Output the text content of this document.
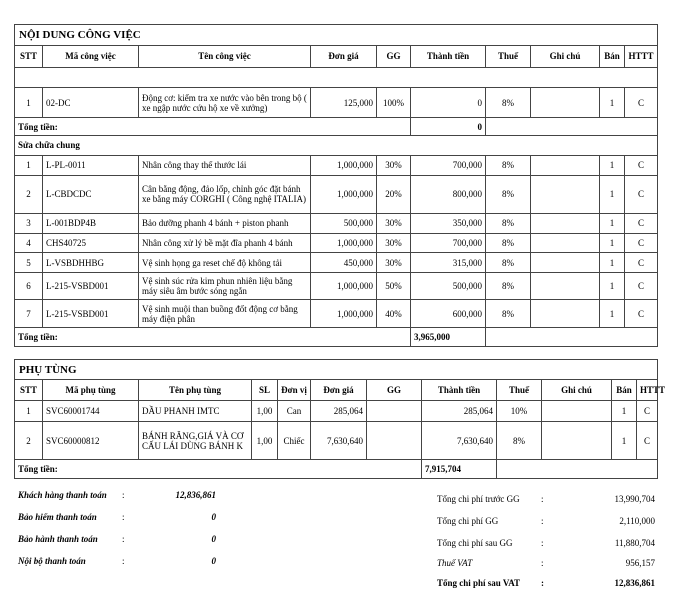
NỘI DUNG CÔNG VIỆC									
STT	Mã công việc	Tên công việc	Đơn giá	GG	Thành tiền	Thuế	Ghi chú	Bán	HTTT

1	02-DC	Động cơ: kiểm tra xe nước vào bên trong bộ ( xe ngập nước cứu hộ xe về xưởng)	125,000	100%	0	8%		1	C
Tổng tiền:					0				
Sửa chữa chung									
1	L-PL-0011	Nhân công thay thế thước lái	1,000,000	30%	700,000	8%		1	C
2	L-CBDCDC	Cân bằng động, đảo lốp, chỉnh góc đặt bánh xe bằng máy CORGHI ( Công nghệ ITALIA)	1,000,000	20%	800,000	8%		1	C
3	L-001BDP4B	Bảo dưỡng phanh 4 bánh + piston phanh	500,000	30%	350,000	8%		1	C
4	CHS40725	Nhân công xử lý bề mặt đĩa phanh 4 bánh	1,000,000	30%	700,000	8%		1	C
5	L-VSBDHHBG	Vệ sinh họng ga reset chế độ không tải	450,000	30%	315,000	8%		1	C
6	L-215-VSBD001	Vệ sinh súc rửa kim phun nhiên liệu bằng máy siêu âm bước sóng ngắn	1,000,000	50%	500,000	8%		1	C
7	L-215-VSBD001	Vệ sinh muội than buồng đốt động cơ bằng máy điện phân	1,000,000	40%	600,000	8%		1	C
Tổng tiền:					3,965,000				
PHỤ TÙNG											
STT	Mã phụ tùng	Tên phụ tùng	SL	Đơn vị	Đơn giá	GG	Thành tiền	Thuế	Ghi chú	Bán	HTTT
1	SVC60001744	DẦU PHANH IMTC	1,00	Can	285,064		285,064	10%		1	C
2	SVC60000812	BÁNH RĂNG,GIÁ VÀ CƠ CẤU LÁI DÙNG BÁNH K	1,00	Chiếc	7,630,640		7,630,640	8%		1	C
Tổng tiền:							7,915,704				
Khách hàng thanh toán :	12,836,861
Bảo hiểm thanh toán	:	0
Bảo hành thanh toán	:	0
Nội bộ thanh toán	:	0
Tổng chi phí trước GG :	13,990,704
Tổng chi phí GG	:	2,110,000
Tổng chi phí sau GG	:	11,880,704
Thuế VAT	:	956,157
Tổng chi phí sau VAT :	12,836,861
